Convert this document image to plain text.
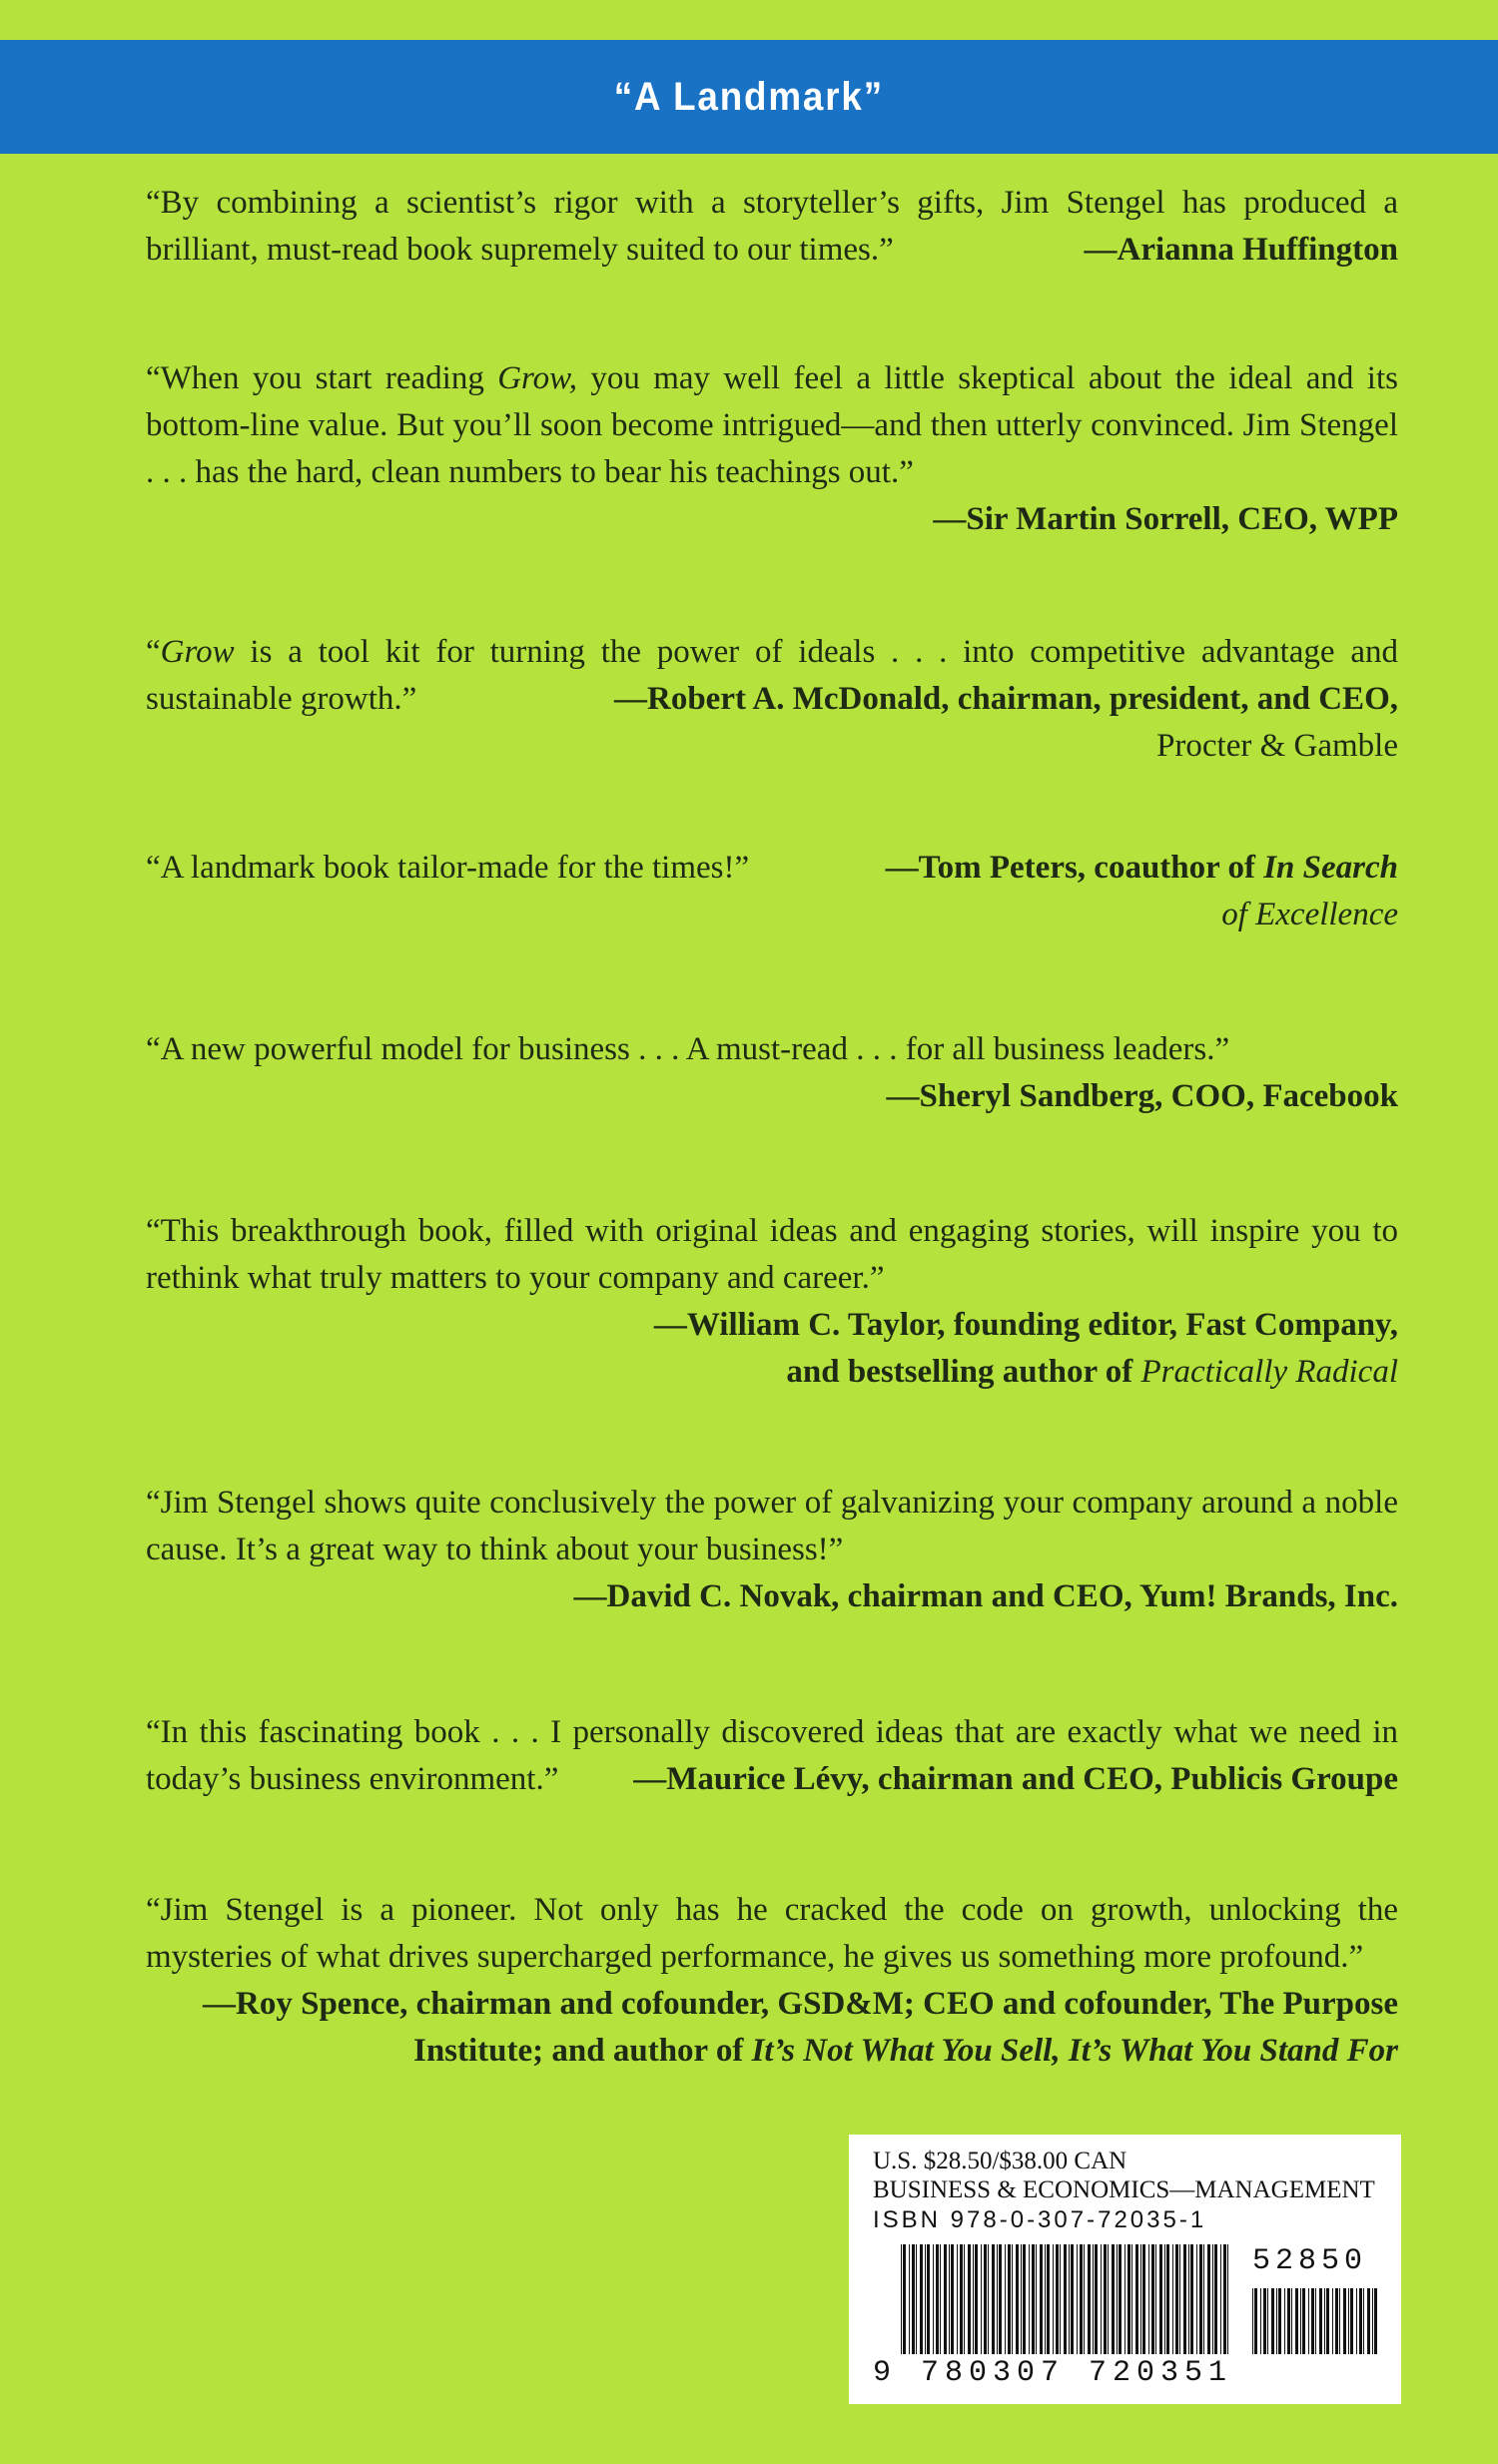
“A Landmark”

“By combining a scientist’s rigor with a storyteller’s gifts, Jim Stengel has produced a brilliant, must-read book supremely suited to our times.”	—Arianna Huffington

“When you start reading Grow, you may well feel a little skeptical about the ideal and its bottom-line value. But you’ll soon become intrigued—and then utterly convinced. Jim Stengel . . . has the hard, clean numbers to bear his teachings out.”

—Sir Martin Sorrell, CEO, WPP

“Grow is a tool kit for turning the power of ideals . . . into competitive advantage and sustainable growth.”	—Robert A. McDonald, chairman, president, and CEO,
Procter & Gamble

“A landmark book tailor-made for the times!”	—Tom Peters, coauthor of In Search

of Excellence

“A new powerful model for business . . . A must-read . . . for all business leaders.”

—Sheryl Sandberg, COO, Facebook

“This breakthrough book, filled with original ideas and engaging stories, will inspire you to rethink what truly matters to your company and career.”

—William C. Taylor, founding editor, Fast Company,
and bestselling author of Practically Radical

“Jim Stengel shows quite conclusively the power of galvanizing your company around a noble cause. It’s a great way to think about your business!”

—David C. Novak, chairman and CEO, Yum! Brands, Inc.

“In this fascinating book . . . I personally discovered ideas that are exactly what we need in today’s business environment.” —Maurice Lévy, chairman and CEO, Publicis Groupe

“Jim Stengel is a pioneer. Not only has he cracked the code on growth, unlocking the mysteries of what drives supercharged performance, he gives us something more profound.”

—Roy Spence, chairman and cofounder, GSD&M; CEO and cofounder, The Purpose
Institute; and author of It’s Not What You Sell, It’s What You Stand For
U.S. $28.50/$38.00 CAN
BUSINESS & ECONOMICS—MANAGEMENT
ISBN 978-0-307-72035-1
52850
9 780307 720351
